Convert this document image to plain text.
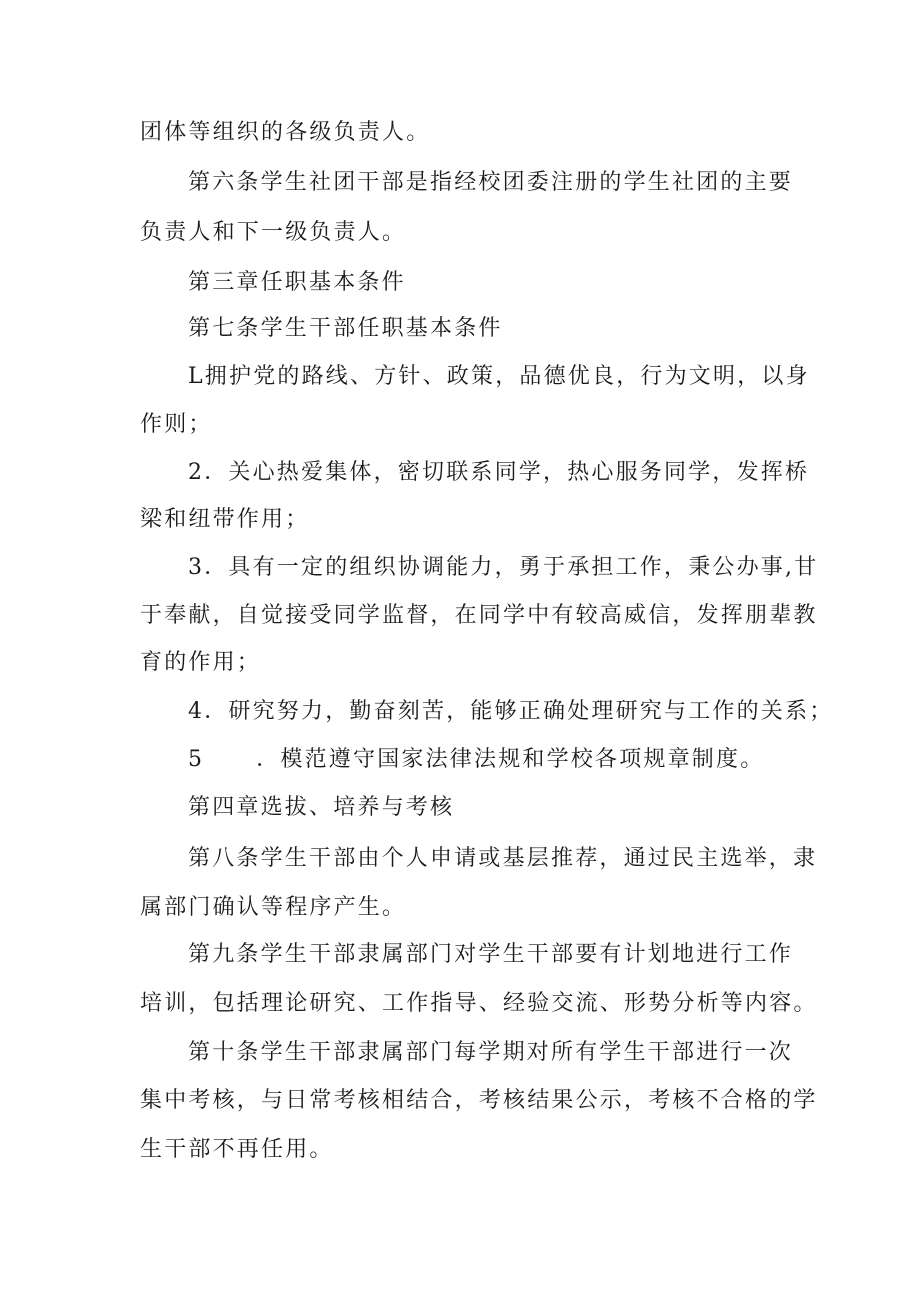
团体等组织的各级负责人。
第六条学生社团干部是指经校团委注册的学生社团的主要
负责人和下一级负责人。
第三章任职基本条件
第七条学生干部任职基本条件
L拥护党的路线、方针、政策，品德优良，行为文明，以身
作则；
2．关心热爱集体，密切联系同学，热心服务同学，发挥桥
梁和纽带作用；
3．具有一定的组织协调能力，勇于承担工作，秉公办事,甘
于奉献，自觉接受同学监督，在同学中有较高威信，发挥朋辈教
育的作用；
4．研究努力，勤奋刻苦，能够正确处理研究与工作的关系；
5 ．模范遵守国家法律法规和学校各项规章制度。
第四章选拔、培养与考核
第八条学生干部由个人申请或基层推荐，通过民主选举，隶
属部门确认等程序产生。
第九条学生干部隶属部门对学生干部要有计划地进行工作
培训，包括理论研究、工作指导、经验交流、形势分析等内容。
第十条学生干部隶属部门每学期对所有学生干部进行一次
集中考核，与日常考核相结合，考核结果公示，考核不合格的学
生干部不再任用。
